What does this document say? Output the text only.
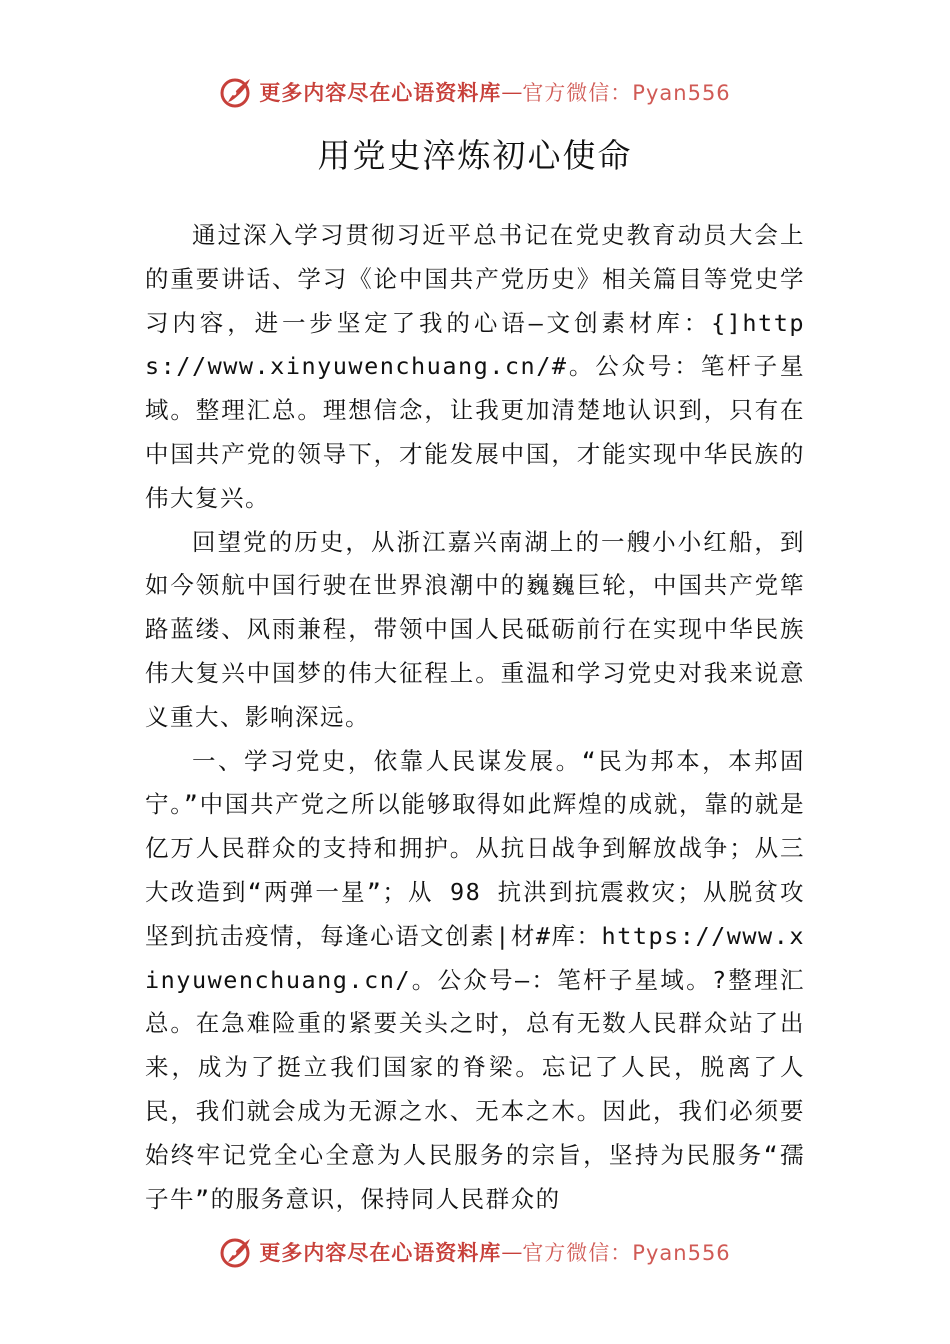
更多内容尽在心语资料库 — 官方微信：Pyan556
用党史淬炼初心使命

通过深入学习贯彻习近平总书记在党史教育动员大会上的重要讲话、学习《论中国共产党历史》相关篇目等党史学习内容，进一步坚定了我的心语—文创素材库：{]https://www.xinyuwenchuang.cn/#。公众号：笔杆子星域。整理汇总。理想信念，让我更加清楚地认识到，只有在中国共产党的领导下，才能发展中国，才能实现中华民族的伟大复兴。

回望党的历史，从浙江嘉兴南湖上的一艘小小红船，到如今领航中国行驶在世界浪潮中的巍巍巨轮，中国共产党筚路蓝缕、风雨兼程，带领中国人民砥砺前行在实现中华民族伟大复兴中国梦的伟大征程上。重温和学习党史对我来说意义重大、影响深远。

一、学习党史，依靠人民谋发展。“民为邦本，本邦固宁。”中国共产党之所以能够取得如此辉煌的成就，靠的就是亿万人民群众的支持和拥护。从抗日战争到解放战争；从三大改造到“两弹一星”；从 98 抗洪到抗震救灾；从脱贫攻坚到抗击疫情，每逢心语文创素|材#库：https://www.xinyuwenchuang.cn/。公众号—：笔杆子星域。?整理汇总。在急难险重的紧要关头之时，总有无数人民群众站了出来，成为了挺立我们国家的脊梁。忘记了人民，脱离了人民，我们就会成为无源之水、无本之木。因此，我们必须要始终牢记党全心全意为人民服务的宗旨，坚持为民服务“孺子牛”的服务意识，保持同人民群众的

更多内容尽在心语资料库 — 官方微信：Pyan556
